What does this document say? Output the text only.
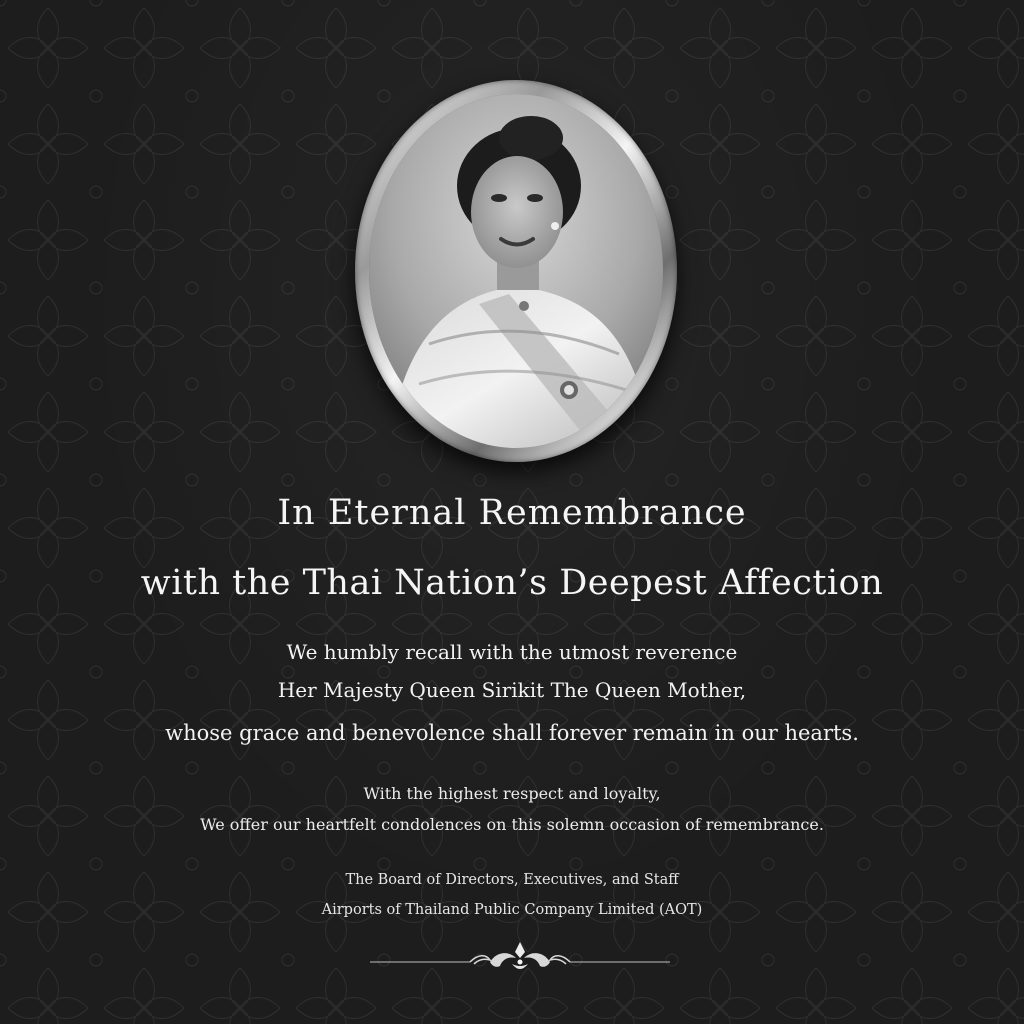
In Eternal Remembrance
with the Thai Nation’s Deepest Affection
We humbly recall with the utmost reverence
Her Majesty Queen Sirikit The Queen Mother,
whose grace and benevolence shall forever remain in our hearts.
With the highest respect and loyalty,
We offer our heartfelt condolences on this solemn occasion of remembrance.
The Board of Directors, Executives, and Staff
Airports of Thailand Public Company Limited (AOT)
